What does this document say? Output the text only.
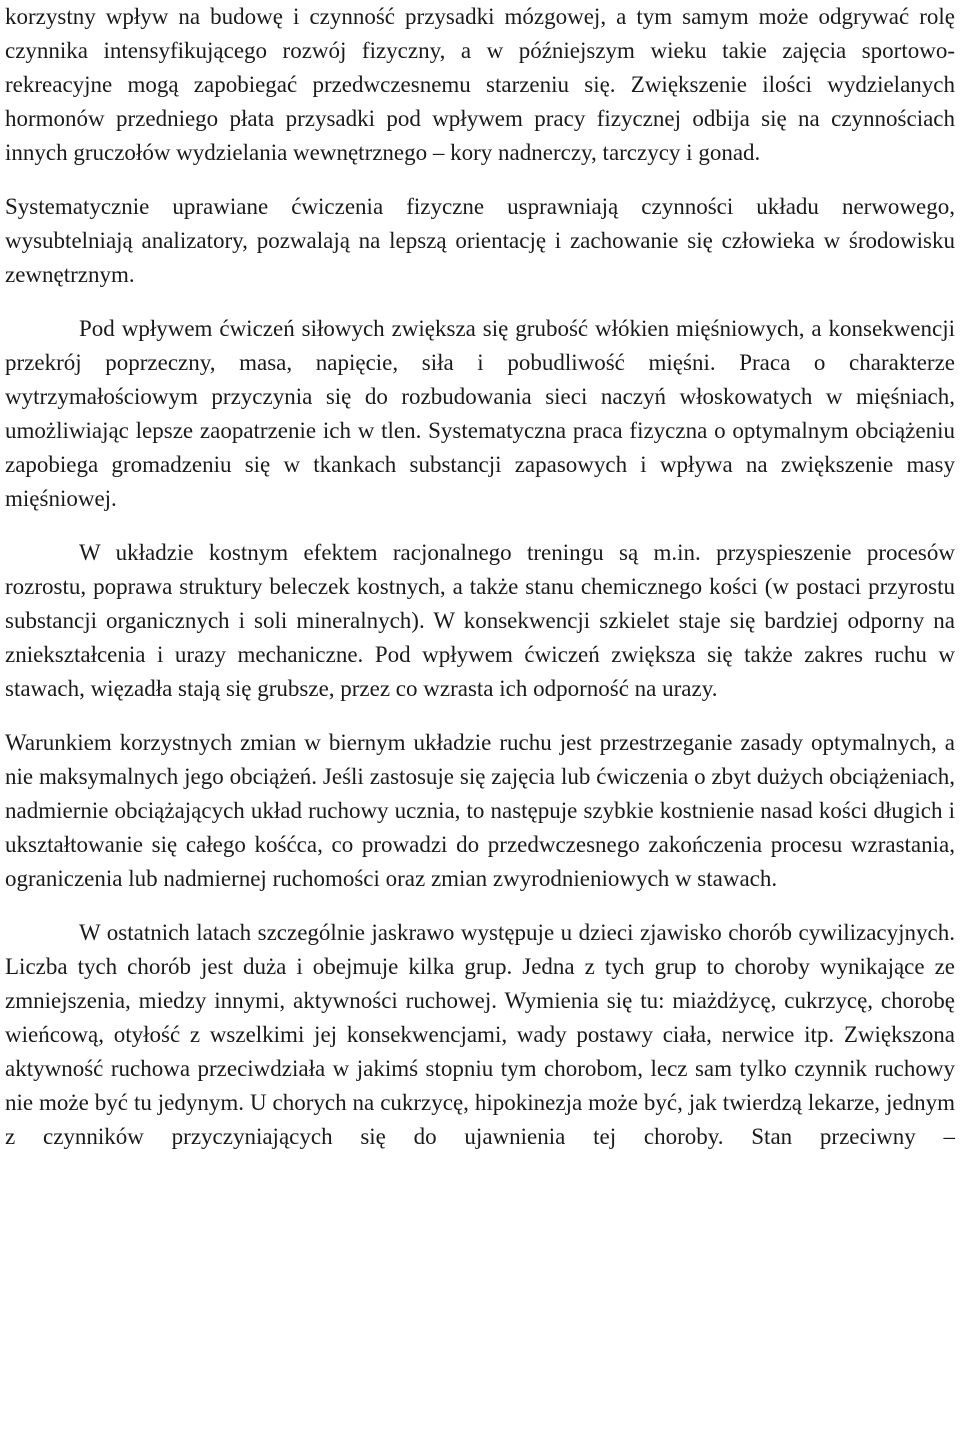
korzystny wpływ na budowę i czynność przysadki mózgowej, a tym samym może odgrywać rolę czynnika intensyfikującego rozwój fizyczny, a w późniejszym wieku takie zajęcia sportowo-rekreacyjne mogą zapobiegać przedwczesnemu starzeniu się. Zwiększenie ilości wydzielanych hormonów przedniego płata przysadki pod wpływem pracy fizycznej odbija się na czynnościach innych gruczołów wydzielania wewnętrznego – kory nadnerczy, tarczycy i gonad.

Systematycznie uprawiane ćwiczenia fizyczne usprawniają czynności układu nerwowego, wysubtelniają analizatory, pozwalają na lepszą orientację i zachowanie się człowieka w środowisku zewnętrznym.

Pod wpływem ćwiczeń siłowych zwiększa się grubość włókien mięśniowych, a konsekwencji przekrój poprzeczny, masa, napięcie, siła i pobudliwość mięśni. Praca o charakterze wytrzymałościowym przyczynia się do rozbudowania sieci naczyń włoskowatych w mięśniach, umożliwiając lepsze zaopatrzenie ich w tlen. Systematyczna praca fizyczna o optymalnym obciążeniu zapobiega gromadzeniu się w tkankach substancji zapasowych i wpływa na zwiększenie masy mięśniowej.

W układzie kostnym efektem racjonalnego treningu są m.in. przyspieszenie procesów rozrostu, poprawa struktury beleczek kostnych, a także stanu chemicznego kości (w postaci przyrostu substancji organicznych i soli mineralnych). W konsekwencji szkielet staje się bardziej odporny na zniekształcenia i urazy mechaniczne. Pod wpływem ćwiczeń zwiększa się także zakres ruchu w stawach, więzadła stają się grubsze, przez co wzrasta ich odporność na urazy.

Warunkiem korzystnych zmian w biernym układzie ruchu jest przestrzeganie zasady optymalnych, a nie maksymalnych jego obciążeń. Jeśli zastosuje się zajęcia lub ćwiczenia o zbyt dużych obciążeniach, nadmiernie obciążających układ ruchowy ucznia, to następuje szybkie kostnienie nasad kości długich i ukształtowanie się całego kośćca, co prowadzi do przedwczesnego zakończenia procesu wzrastania, ograniczenia lub nadmiernej ruchomości oraz zmian zwyrodnieniowych w stawach.

W ostatnich latach szczególnie jaskrawo występuje u dzieci zjawisko chorób cywilizacyjnych. Liczba tych chorób jest duża i obejmuje kilka grup. Jedna z tych grup to choroby wynikające ze zmniejszenia, miedzy innymi, aktywności ruchowej. Wymienia się tu: miażdżycę, cukrzycę, chorobę wieńcową, otyłość z wszelkimi jej konsekwencjami, wady postawy ciała, nerwice itp. Zwiększona aktywność ruchowa przeciwdziała w jakimś stopniu tym chorobom, lecz sam tylko czynnik ruchowy nie może być tu jedynym. U chorych na cukrzycę, hipokinezja może być, jak twierdzą lekarze, jednym z czynników przyczyniających się do ujawnienia tej choroby. Stan przeciwny –
